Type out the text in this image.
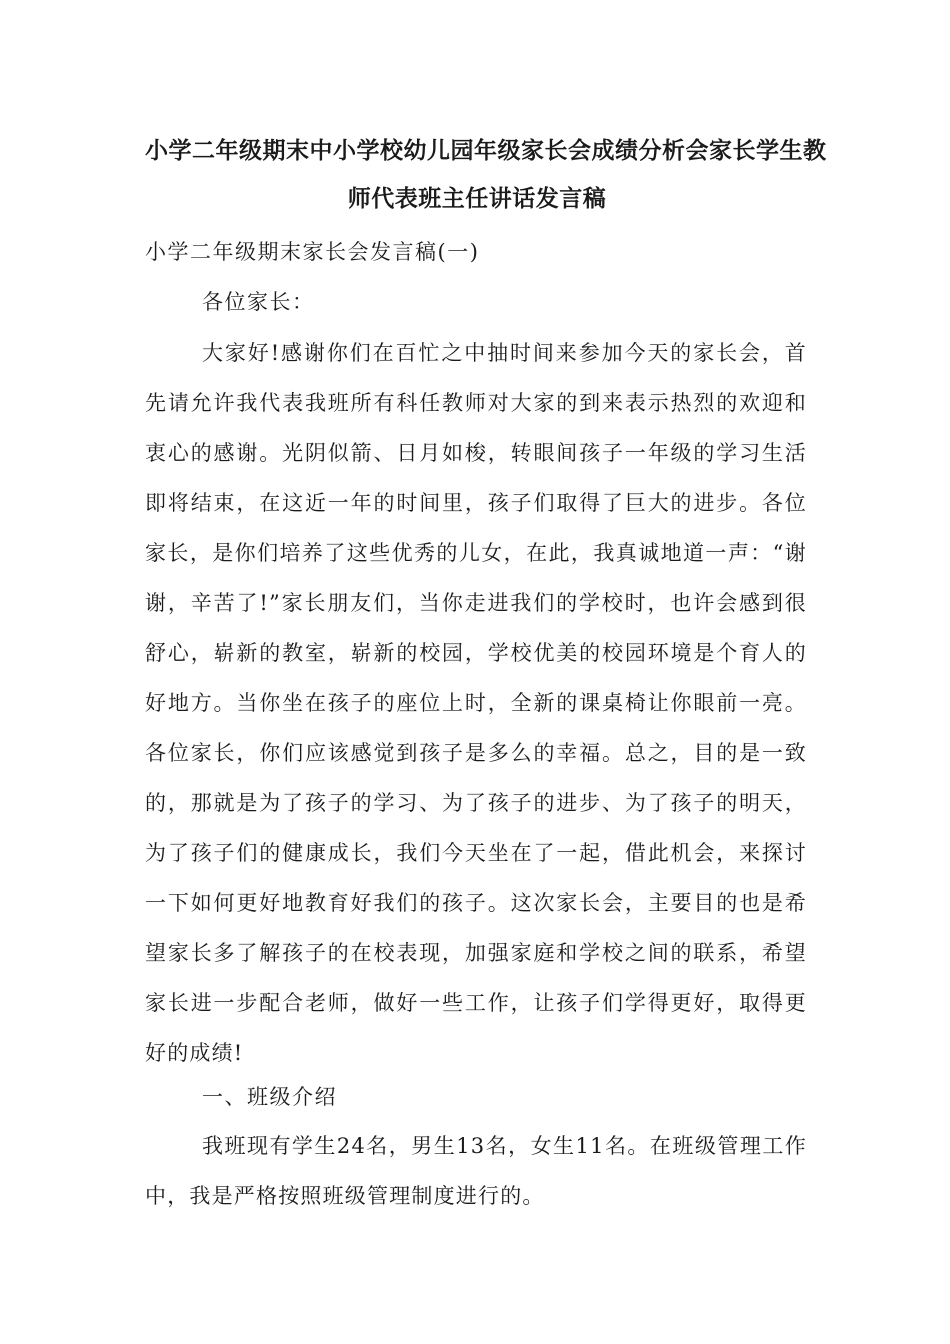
小学二年级期末中小学校幼儿园年级家长会成绩分析会家长学生教
师代表班主任讲话发言稿
小学二年级期末家长会发言稿(一)
各位家长：

大家好!感谢你们在百忙之中抽时间来参加今天的家长会，首先请允许我代表我班所有科任教师对大家的到来表示热烈的欢迎和衷心的感谢。光阴似箭、日月如梭，转眼间孩子一年级的学习生活即将结束，在这近一年的时间里，孩子们取得了巨大的进步。各位家长，是你们培养了这些优秀的儿女，在此，我真诚地道一声：“谢谢，辛苦了!”家长朋友们，当你走进我们的学校时，也许会感到很舒心，崭新的教室，崭新的校园，学校优美的校园环境是个育人的好地方。当你坐在孩子的座位上时，全新的课桌椅让你眼前一亮。各位家长，你们应该感觉到孩子是多么的幸福。总之，目的是一致的，那就是为了孩子的学习、为了孩子的进步、为了孩子的明天，为了孩子们的健康成长，我们今天坐在了一起，借此机会，来探讨一下如何更好地教育好我们的孩子。这次家长会，主要目的也是希望家长多了解孩子的在校表现，加强家庭和学校之间的联系，希望家长进一步配合老师，做好一些工作，让孩子们学得更好，取得更好的成绩!

一、班级介绍

我班现有学生24名，男生13名，女生11名。在班级管理工作中，我是严格按照班级管理制度进行的。
